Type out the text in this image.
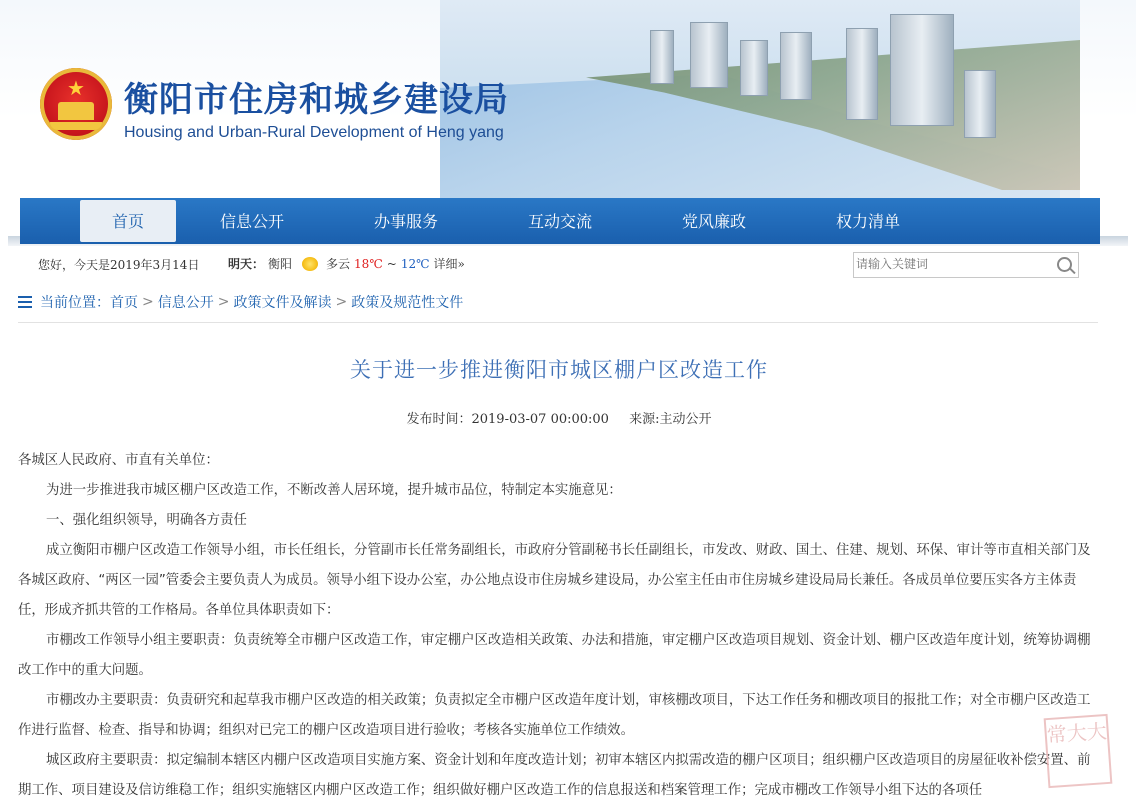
★	衡阳市住房和城乡建设局
Housing and Urban-Rural Development of Heng yang
首页	信息公开	办事服务	互动交流	党风廉政	权力清单
您好，今天是2019年3月14日 明天： 衡阳	多云 18℃ ~ 12℃ 详细»
请输入关键词
当前位置： 首页 > 信息公开 > 政策文件及解读 > 政策及规范性文件
关于进一步推进衡阳市城区棚户区改造工作
发布时间：2019-03-07 00:00:00 来源:主动公开

各城区人民政府、市直有关单位：

为进一步推进我市城区棚户区改造工作，不断改善人居环境，提升城市品位，特制定本实施意见：

一、强化组织领导，明确各方责任

成立衡阳市棚户区改造工作领导小组，市长任组长，分管副市长任常务副组长，市政府分管副秘书长任副组长，市发改、财政、国土、住建、规划、环保、审计等市直相关部门及各城区政府、“两区一园”管委会主要负责人为成员。领导小组下设办公室，办公地点设市住房城乡建设局，办公室主任由市住房城乡建设局局长兼任。各成员单位要压实各方主体责任，形成齐抓共管的工作格局。各单位具体职责如下：

市棚改工作领导小组主要职责：负责统筹全市棚户区改造工作，审定棚户区改造相关政策、办法和措施，审定棚户区改造项目规划、资金计划、棚户区改造年度计划，统筹协调棚改工作中的重大问题。

市棚改办主要职责：负责研究和起草我市棚户区改造的相关政策；负责拟定全市棚户区改造年度计划，审核棚改项目，下达工作任务和棚改项目的报批工作；对全市棚户区改造工作进行监督、检查、指导和协调；组织对已完工的棚户区改造项目进行验收；考核各实施单位工作绩效。

城区政府主要职责：拟定编制本辖区内棚户区改造项目实施方案、资金计划和年度改造计划；初审本辖区内拟需改造的棚户区项目；组织棚户区改造项目的房屋征收补偿安置、前期工作、项目建设及信访维稳工作；组织实施辖区内棚户区改造工作；组织做好棚户区改造工作的信息报送和档案管理工作；完成市棚改工作领导小组下达的各项任

常大大
